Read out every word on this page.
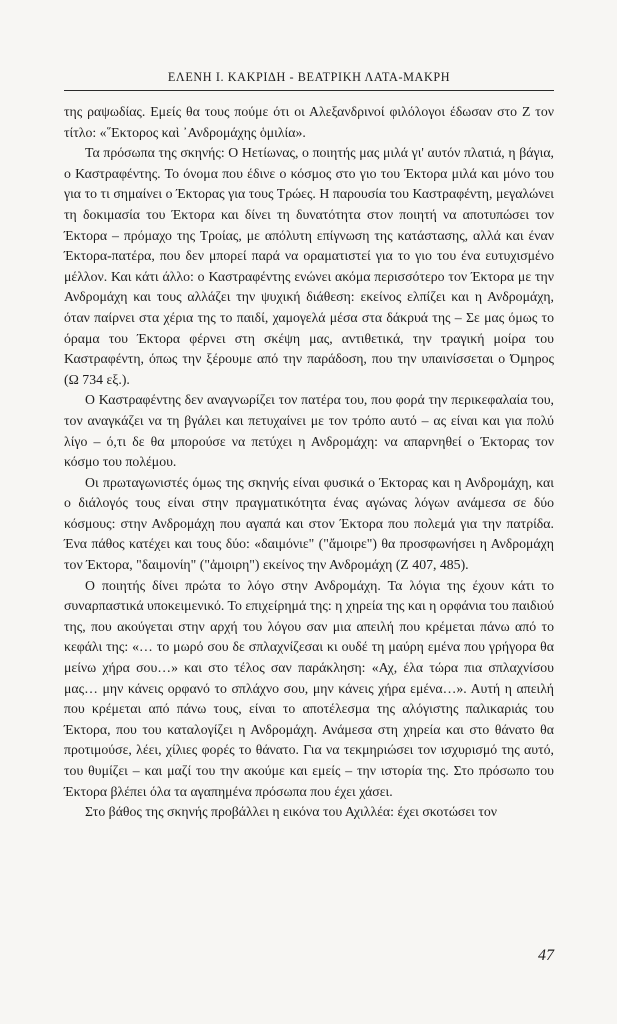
ΕΛΕΝΗ Ι. ΚΑΚΡΙΔΗ - ΒΕΑΤΡΙΚΗ ΛΑΤΑ-ΜΑΚΡΗ

της ραψωδίας. Εμείς θα τους πούμε ότι οι Αλεξανδρινοί φιλόλογοι έδωσαν στο Ζ τον τίτλο: «῞Εκτορος καὶ ᾿Ανδρομάχης ὁμιλία».

Τα πρόσωπα της σκηνής: Ο Ηετίωνας, ο ποιητής μας μιλά γι' αυτόν πλατιά, η βάγια, ο Καστραφέντης. Το όνομα που έδινε ο κόσμος στο γιο του Έκτορα μιλά και μόνο του για το τι σημαίνει ο Έκτορας για τους Τρώες. Η παρουσία του Καστραφέντη, μεγαλώνει τη δοκιμασία του Έκτορα και δίνει τη δυνατότητα στον ποιητή να αποτυπώσει τον Έκτορα – πρόμαχο της Τροίας, με απόλυτη επίγνωση της κατάστασης, αλλά και έναν Έκτορα-πατέρα, που δεν μπορεί παρά να οραματιστεί για το γιο του ένα ευτυχισμένο μέλλον. Και κάτι άλλο: ο Καστραφέντης ενώνει ακόμα περισσότερο τον Έκτορα με την Ανδρομάχη και τους αλλάζει την ψυχική διάθεση: εκείνος ελπίζει και η Ανδρομάχη, όταν παίρνει στα χέρια της το παιδί, χαμογελά μέσα στα δάκρυά της – Σε μας όμως το όραμα του Έκτορα φέρνει στη σκέψη μας, αντιθετικά, την τραγική μοίρα του Καστραφέντη, όπως την ξέρουμε από την παράδοση, που την υπαινίσσεται ο Όμηρος (Ω 734 εξ.).

Ο Καστραφέντης δεν αναγνωρίζει τον πατέρα του, που φορά την περικεφαλαία του, τον αναγκάζει να τη βγάλει και πετυχαίνει με τον τρόπο αυτό – ας είναι και για πολύ λίγο – ό,τι δε θα μπορούσε να πετύχει η Ανδρομάχη: να απαρνηθεί ο Έκτορας τον κόσμο του πολέμου.

Οι πρωταγωνιστές όμως της σκηνής είναι φυσικά ο Έκτορας και η Ανδρομάχη, και ο διάλογός τους είναι στην πραγματικότητα ένας αγώνας λόγων ανάμεσα σε δύο κόσμους: στην Ανδρομάχη που αγαπά και στον Έκτορα που πολεμά για την πατρίδα. Ένα πάθος κατέχει και τους δύο: «δαιμόνιε" ("ἄμοιρε") θα προσφωνήσει η Ανδρομάχη τον Έκτορα, "δαιμονίη" ("ἀμοιρη") εκείνος την Ανδρομάχη (Ζ 407, 485).

Ο ποιητής δίνει πρώτα το λόγο στην Ανδρομάχη. Τα λόγια της έχουν κάτι το συναρπαστικά υποκειμενικό. Το επιχείρημά της: η χηρεία της και η ορφάνια του παιδιού της, που ακούγεται στην αρχή του λόγου σαν μια απειλή που κρέμεται πάνω από το κεφάλι της: «… το μωρό σου δε σπλαχνίζεσαι κι ουδέ τη μαύρη εμένα που γρήγορα θα μείνω χήρα σου…» και στο τέλος σαν παράκληση: «Αχ, έλα τώρα πια σπλαχνίσου μας… μην κάνεις ορφανό το σπλάχνο σου, μην κάνεις χήρα εμένα…». Αυτή η απειλή που κρέμεται από πάνω τους, είναι το αποτέλεσμα της αλόγιστης παλικαριάς του Έκτορα, που του καταλογίζει η Ανδρομάχη. Ανάμεσα στη χηρεία και στο θάνατο θα προτιμούσε, λέει, χίλιες φορές το θάνατο. Για να τεκμηριώσει τον ισχυρισμό της αυτό, του θυμίζει – και μαζί του την ακούμε και εμείς – την ιστορία της. Στο πρόσωπο του Έκτορα βλέπει όλα τα αγαπημένα πρόσωπα που έχει χάσει.

Στο βάθος της σκηνής προβάλλει η εικόνα του Αχιλλέα: έχει σκοτώσει τον

47
